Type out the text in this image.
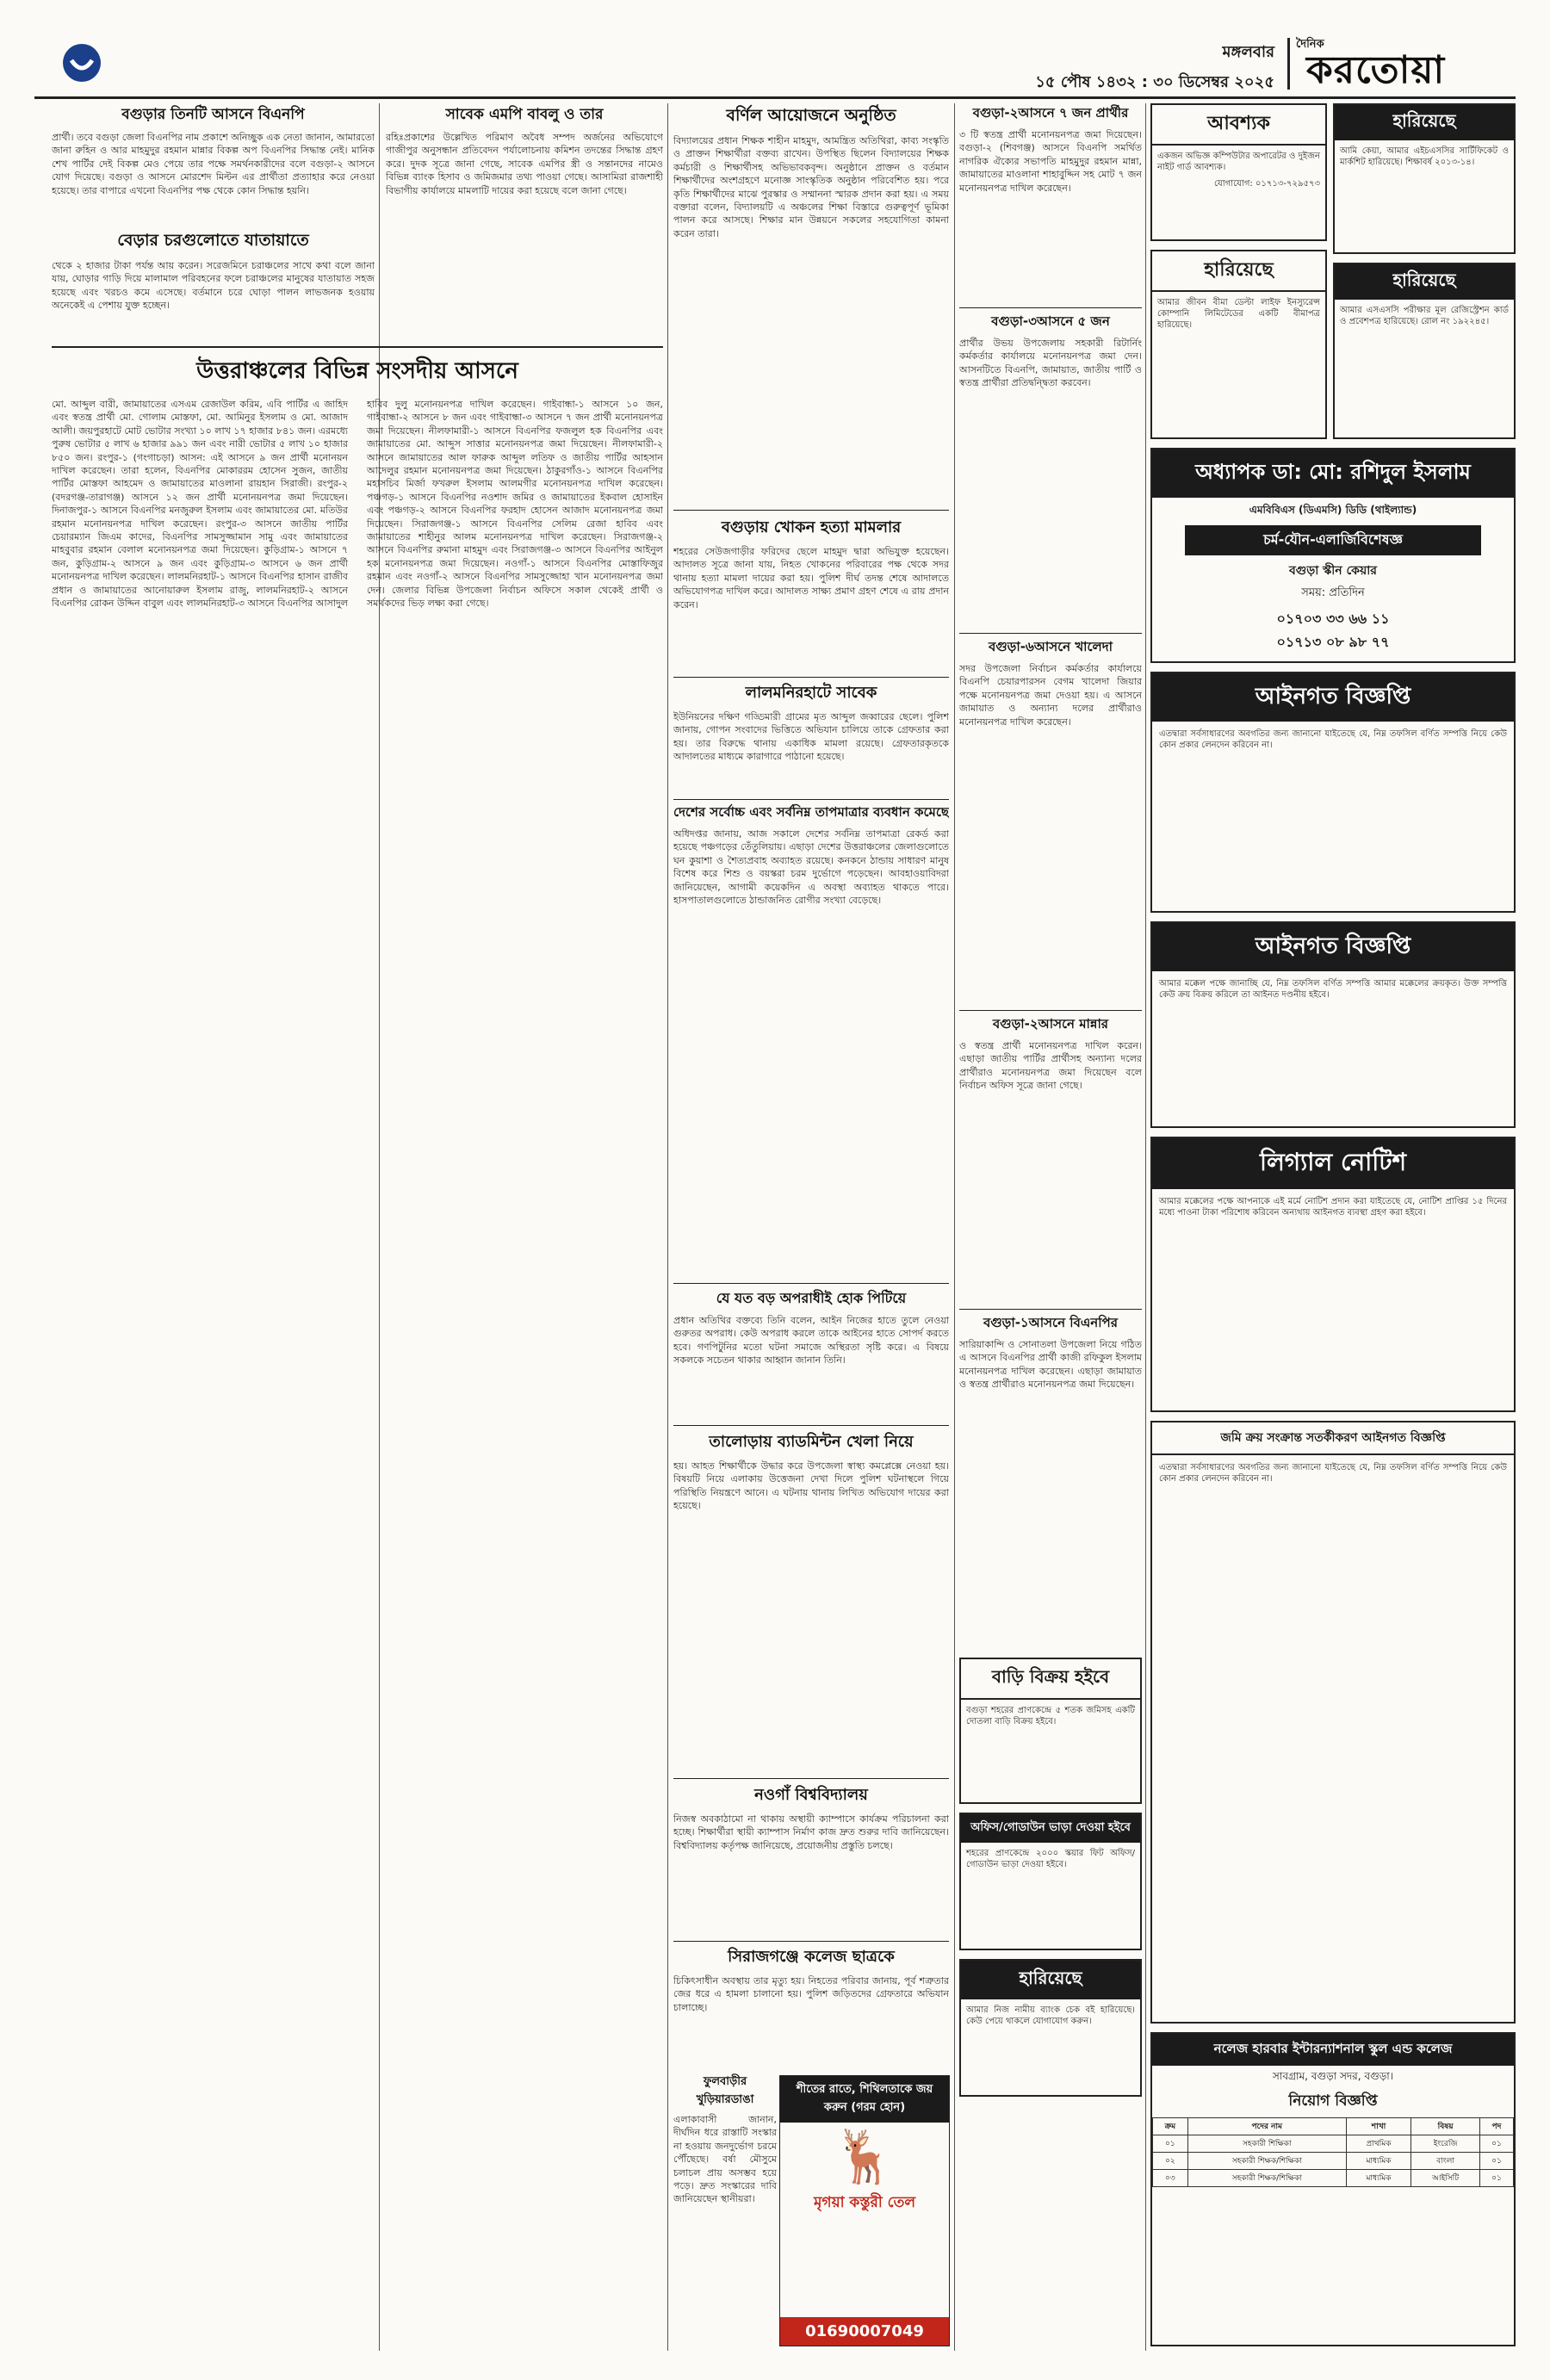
মঙ্গলবার
১৫ পৌষ ১৪৩২ : ৩০ ডিসেম্বর ২০২৫
দৈনিক
করতোয়া
বগুড়ার তিনটি আসনে বিএনপি
প্রার্থী। তবে বগুড়া জেলা বিএনপির নাম প্রকাশে অনিচ্ছুক এক নেতা জানান, আমারতো জানা রুহিন ও আর মাহমুদুর রহমান মান্নার বিকল্প অপ বিএনপির সিদ্ধান্ত নেই। মানিক শেখ পার্টির দেই বিকল্প মেও পেয়ে তার পক্ষে সমর্থনকারীদের বলে বগুড়া-২ আসনে যোগ দিয়েছে। বগুড়া ও আসনে মোরশেদ মিল্টন এর প্রার্থীতা প্রত্যাহার করে নেওয়া হয়েছে। তার বাপারে এখনো বিএনপির পক্ষ থেকে কোন সিদ্ধান্ত হয়নি।
বেড়ার চরগুলোতে যাতায়াতে
থেকে ২ হাজার টাকা পর্যন্ত আয় করেন। সরেজমিনে চরাঞ্চলের সাথে কথা বলে জানা যায়, ঘোড়ার গাড়ি দিয়ে মালামাল পরিবহনের ফলে চরাঞ্চলের মানুষের যাতায়াত সহজ হয়েছে এবং খরচও কমে এসেছে। বর্তমানে চরে ঘোড়া পালন লাভজনক হওয়ায় অনেকেই এ পেশায় যুক্ত হচ্ছেন।
উত্তরাঞ্চলের বিভিন্ন সংসদীয় আসনে
মো. আব্দুল বারী, জামায়াতের এসএম রেজাউল করিম, এবি পার্টির এ জাহিদ এবং স্বতন্ত্র প্রার্থী মো. গোলাম মোস্তফা, মো. আমিনুর ইসলাম ও মো. আজাদ আলী। জয়পুরহাটে মোট ভোটার সংখ্যা ১০ লাখ ১৭ হাজার ৮৪১ জন। এরমধ্যে পুরুষ ভোটার ৫ লাখ ৬ হাজার ৯৯১ জন এবং নারী ভোটার ৫ লাখ ১০ হাজার ৮৫০ জন। রংপুর-১ (গংগাচড়া) আসন: এই আসনে ৯ জন প্রার্থী মনোনয়ন দাখিল করেছেন। তারা হলেন, বিএনপির মোকাররম হোসেন সুজন, জাতীয় পার্টির মোস্তফা আহমেদ ও জামায়াতের মাওলানা রায়হান সিরাজী। রংপুর-২ (বদরগঞ্জ-তারাগঞ্জ) আসনে ১২ জন প্রার্থী মনোনয়নপত্র জমা দিয়েছেন। দিনাজপুর-১ আসনে বিএনপির মনজুরুল ইসলাম এবং জামায়াতের মো. মতিউর রহমান মনোনয়নপত্র দাখিল করেছেন। রংপুর-৩ আসনে জাতীয় পার্টির চেয়ারম্যান জিএম কাদের, বিএনপির সামসুজ্জামান সামু এবং জামায়াতের মাহবুবার রহমান বেলাল মনোনয়নপত্র জমা দিয়েছেন। কুড়িগ্রাম-১ আসনে ৭ জন, কুড়িগ্রাম-২ আসনে ৯ জন এবং কুড়িগ্রাম-৩ আসনে ৬ জন প্রার্থী মনোনয়নপত্র দাখিল করেছেন। লালমনিরহাট-১ আসনে বিএনপির হাসান রাজীব প্রধান ও জামায়াতের আনোয়ারুল ইসলাম রাজু, লালমনিরহাট-২ আসনে বিএনপির রোকন উদ্দিন বাবুল এবং লালমনিরহাট-৩ আসনে বিএনপির আসাদুল হাবিব দুলু মনোনয়নপত্র দাখিল করেছেন। গাইবান্ধা-১ আসনে ১০ জন, গাইবান্ধা-২ আসনে ৮ জন এবং গাইবান্ধা-৩ আসনে ৭ জন প্রার্থী মনোনয়নপত্র জমা দিয়েছেন। নীলফামারী-১ আসনে বিএনপির ফজলুল হক বিএনপির এবং জামায়াতের মো. আব্দুস সাত্তার মনোনয়নপত্র জমা দিয়েছেন। নীলফামারী-২ আসনে জামায়াতের আল ফারুক আব্দুল লতিফ ও জাতীয় পার্টির আহসান আদেলুর রহমান মনোনয়নপত্র জমা দিয়েছেন। ঠাকুরগাঁও-১ আসনে বিএনপির মহাসচিব মির্জা ফখরুল ইসলাম আলমগীর মনোনয়নপত্র দাখিল করেছেন। পঞ্চগড়-১ আসনে বিএনপির নওশাদ জমির ও জামায়াতের ইকবাল হোসাইন এবং পঞ্চগড়-২ আসনে বিএনপির ফরহাদ হোসেন আজাদ মনোনয়নপত্র জমা দিয়েছেন। সিরাজগঞ্জ-১ আসনে বিএনপির সেলিম রেজা হাবিব এবং জামায়াতের শাহীনুর আলম মনোনয়নপত্র দাখিল করেছেন। সিরাজগঞ্জ-২ আসনে বিএনপির রুমানা মাহমুদ এবং সিরাজগঞ্জ-৩ আসনে বিএনপির আইনুল হক মনোনয়নপত্র জমা দিয়েছেন। নওগাঁ-১ আসনে বিএনপির মোস্তাফিজুর রহমান এবং নওগাঁ-২ আসনে বিএনপির সামসুজ্জোহা খান মনোনয়নপত্র জমা দেন। জেলার বিভিন্ন উপজেলা নির্বাচন অফিসে সকাল থেকেই প্রার্থী ও সমর্থকদের ভিড় লক্ষ্য করা গেছে।
সাবেক এমপি বাবলু ও তার
রহিঃপ্রকাশের উল্লেখিত পরিমাণ অবৈধ সম্পদ অর্জনের অভিযোগে গাজীপুর অনুসন্ধান প্রতিবেদন পর্যালোচনায় কমিশন তদন্তের সিদ্ধান্ত গ্রহণ করে। দুদক সূত্রে জানা গেছে, সাবেক এমপির স্ত্রী ও সন্তানদের নামেও বিভিন্ন ব্যাংক হিসাব ও জমিজমার তথ্য পাওয়া গেছে। আসামিরা রাজশাহী বিভাগীয় কার্যালয়ে মামলাটি দায়ের করা হয়েছে বলে জানা গেছে।
বর্ণিল আয়োজনে অনুষ্ঠিত
বিদ্যালয়ের প্রধান শিক্ষক শাহীন মাহমুদ, আমন্ত্রিত অতিথিরা, কাব্য সংস্কৃতি ও প্রাক্তন শিক্ষার্থীরা বক্তব্য রাখেন। উপস্থিত ছিলেন বিদ্যালয়ের শিক্ষক কর্মচারী ও শিক্ষার্থীসহ অভিভাবকবৃন্দ। অনুষ্ঠানে প্রাক্তন ও বর্তমান শিক্ষার্থীদের অংশগ্রহণে মনোজ্ঞ সাংস্কৃতিক অনুষ্ঠান পরিবেশিত হয়। পরে কৃতি শিক্ষার্থীদের মাঝে পুরস্কার ও সম্মাননা স্মারক প্রদান করা হয়। এ সময় বক্তারা বলেন, বিদ্যালয়টি এ অঞ্চলের শিক্ষা বিস্তারে গুরুত্বপূর্ণ ভূমিকা পালন করে আসছে। শিক্ষার মান উন্নয়নে সকলের সহযোগিতা কামনা করেন তারা।
বগুড়ায় খোকন হত্যা মামলার
শহরের সেউজগাড়ীর ফরিদের ছেলে মাহমুদ দ্বারা অভিযুক্ত হয়েছেন। আদালত সূত্রে জানা যায়, নিহত খোকনের পরিবারের পক্ষ থেকে সদর থানায় হত্যা মামলা দায়ের করা হয়। পুলিশ দীর্ঘ তদন্ত শেষে আদালতে অভিযোগপত্র দাখিল করে। আদালত সাক্ষ্য প্রমাণ গ্রহণ শেষে এ রায় প্রদান করেন।
লালমনিরহাটে সাবেক
ইউনিয়নের দক্ষিণ গড্ডিমারী গ্রামের মৃত আব্দুল জব্বারের ছেলে। পুলিশ জানায়, গোপন সংবাদের ভিত্তিতে অভিযান চালিয়ে তাকে গ্রেফতার করা হয়। তার বিরুদ্ধে থানায় একাধিক মামলা রয়েছে। গ্রেফতারকৃতকে আদালতের মাধ্যমে কারাগারে পাঠানো হয়েছে।
দেশের সর্বোচ্চ এবং সর্বনিম্ন তাপমাত্রার ব্যবধান কমেছে
অধিদপ্তর জানায়, আজ সকালে দেশের সর্বনিম্ন তাপমাত্রা রেকর্ড করা হয়েছে পঞ্চগড়ের তেঁতুলিয়ায়। এছাড়া দেশের উত্তরাঞ্চলের জেলাগুলোতে ঘন কুয়াশা ও শৈত্যপ্রবাহ অব্যাহত রয়েছে। কনকনে ঠান্ডায় সাধারণ মানুষ বিশেষ করে শিশু ও বয়স্করা চরম দুর্ভোগে পড়েছেন। আবহাওয়াবিদরা জানিয়েছেন, আগামী কয়েকদিন এ অবস্থা অব্যাহত থাকতে পারে। হাসপাতালগুলোতে ঠান্ডাজনিত রোগীর সংখ্যা বেড়েছে।
যে যত বড় অপরাধীই হোক পিটিয়ে
প্রধান অতিথির বক্তব্যে তিনি বলেন, আইন নিজের হাতে তুলে নেওয়া গুরুতর অপরাধ। কেউ অপরাধ করলে তাকে আইনের হাতে সোপর্দ করতে হবে। গণপিটুনির মতো ঘটনা সমাজে অস্থিরতা সৃষ্টি করে। এ বিষয়ে সকলকে সচেতন থাকার আহ্বান জানান তিনি।
তালোড়ায় ব্যাডমিন্টন খেলা নিয়ে
হয়। আহত শিক্ষার্থীকে উদ্ধার করে উপজেলা স্বাস্থ্য কমপ্লেক্সে নেওয়া হয়। বিষয়টি নিয়ে এলাকায় উত্তেজনা দেখা দিলে পুলিশ ঘটনাস্থলে গিয়ে পরিস্থিতি নিয়ন্ত্রণে আনে। এ ঘটনায় থানায় লিখিত অভিযোগ দায়ের করা হয়েছে।
নওগাঁ বিশ্ববিদ্যালয়
নিজস্ব অবকাঠামো না থাকায় অস্থায়ী ক্যাম্পাসে কার্যক্রম পরিচালনা করা হচ্ছে। শিক্ষার্থীরা স্থায়ী ক্যাম্পাস নির্মাণ কাজ দ্রুত শুরুর দাবি জানিয়েছেন। বিশ্ববিদ্যালয় কর্তৃপক্ষ জানিয়েছে, প্রয়োজনীয় প্রস্তুতি চলছে।
সিরাজগঞ্জে কলেজ ছাত্রকে
চিকিৎসাধীন অবস্থায় তার মৃত্যু হয়। নিহতের পরিবার জানায়, পূর্ব শত্রুতার জের ধরে এ হামলা চালানো হয়। পুলিশ জড়িতদের গ্রেফতারে অভিযান চালাচ্ছে।
ফুলবাড়ীর খুড়িয়ারডাঙা
এলাকাবাসী জানান, দীর্ঘদিন ধরে রাস্তাটি সংস্কার না হওয়ায় জনদুর্ভোগ চরমে পৌঁছেছে। বর্ষা মৌসুমে চলাচল প্রায় অসম্ভব হয়ে পড়ে। দ্রুত সংস্কারের দাবি জানিয়েছেন স্থানীয়রা।
শীতের রাতে, শিথিলতাকে জয় করুন (গরম হোন)
🦌
মৃগয়া কস্তুরী তেল
01690007049
বগুড়া-২আসনে ৭ জন প্রার্থীর
৩ টি স্বতন্ত্র প্রার্থী মনোনয়নপত্র জমা দিয়েছেন। বগুড়া-২ (শিবগঞ্জ) আসনে বিএনপি সমর্থিত নাগরিক ঐক্যের সভাপতি মাহমুদুর রহমান মান্না, জামায়াতের মাওলানা শাহাবুদ্দিন সহ মোট ৭ জন মনোনয়নপত্র দাখিল করেছেন।
বগুড়া-৩আসনে ৫ জন
প্রার্থীর উভয় উপজেলায় সহকারী রিটার্নিং কর্মকর্তার কার্যালয়ে মনোনয়নপত্র জমা দেন। আসনটিতে বিএনপি, জামায়াত, জাতীয় পার্টি ও স্বতন্ত্র প্রার্থীরা প্রতিদ্বন্দ্বিতা করবেন।
বগুড়া-৬আসনে খালেদা
সদর উপজেলা নির্বাচন কর্মকর্তার কার্যালয়ে বিএনপি চেয়ারপারসন বেগম খালেদা জিয়ার পক্ষে মনোনয়নপত্র জমা দেওয়া হয়। এ আসনে জামায়াত ও অন্যান্য দলের প্রার্থীরাও মনোনয়নপত্র দাখিল করেছেন।
বগুড়া-২আসনে মান্নার
ও স্বতন্ত্র প্রার্থী মনোনয়নপত্র দাখিল করেন। এছাড়া জাতীয় পার্টির প্রার্থীসহ অন্যান্য দলের প্রার্থীরাও মনোনয়নপত্র জমা দিয়েছেন বলে নির্বাচন অফিস সূত্রে জানা গেছে।
বগুড়া-১আসনে বিএনপির
সারিয়াকান্দি ও সোনাতলা উপজেলা নিয়ে গঠিত এ আসনে বিএনপির প্রার্থী কাজী রফিকুল ইসলাম মনোনয়নপত্র দাখিল করেছেন। এছাড়া জামায়াত ও স্বতন্ত্র প্রার্থীরাও মনোনয়নপত্র জমা দিয়েছেন।
বাড়ি বিক্রয় হইবে
বগুড়া শহরের প্রাণকেন্দ্রে ৫ শতক জমিসহ একটি দোতলা বাড়ি বিক্রয় হইবে।
অফিস/গোডাউন ভাড়া দেওয়া হইবে
শহরের প্রাণকেন্দ্রে ২০০০ স্কয়ার ফিট অফিস/গোডাউন ভাড়া দেওয়া হইবে।
হারিয়েছে
আমার নিজ নামীয় ব্যাংক চেক বই হারিয়েছে। কেউ পেয়ে থাকলে যোগাযোগ করুন।
আবশ্যক
একজন অভিজ্ঞ কম্পিউটার অপারেটর ও দুইজন নাইট গার্ড আবশ্যক।
যোগাযোগ: ০১৭১৩-৭২৯৫৭৩
হারিয়েছে
আমি কেয়া, আমার এইচএসসির সার্টিফিকেট ও মার্কশিট হারিয়েছে। শিক্ষাবর্ষ ২০১৩-১৪।
হারিয়েছে
আমার জীবন বীমা ডেল্টা লাইফ ইনস্যুরেন্স কোম্পানি লিমিটেডের একটি বীমাপত্র হারিয়েছে।
হারিয়েছে
আমার এসএসসি পরীক্ষার মূল রেজিস্ট্রেশন কার্ড ও প্রবেশপত্র হারিয়েছে। রোল নং ১৯২২৪৫।
অধ্যাপক ডা: মো: রশিদুল ইসলাম
এমবিবিএস (ডিএমসি) ডিডি (থাইল্যান্ড)
চর্ম-যৌন-এলার্জিবিশেষজ্ঞ
বগুড়া স্কীন কেয়ার
সময়: প্রতিদিন
০১৭০৩ ৩৩ ৬৬ ১১
০১৭১৩ ০৮ ৯৮ ৭৭
আইনগত বিজ্ঞপ্তি
এতদ্বারা সর্বসাধারণের অবগতির জন্য জানানো যাইতেছে যে, নিম্ন তফসিল বর্ণিত সম্পত্তি নিয়ে কেউ কোন প্রকার লেনদেন করিবেন না।
আইনগত বিজ্ঞপ্তি
আমার মক্কেল পক্ষে জানাচ্ছি যে, নিম্ন তফসিল বর্ণিত সম্পত্তি আমার মক্কেলের ক্রয়কৃত। উক্ত সম্পত্তি কেউ ক্রয় বিক্রয় করিলে তা আইনত দণ্ডনীয় হইবে।
লিগ্যাল নোটিশ
আমার মক্কেলের পক্ষে আপনাকে এই মর্মে নোটিশ প্রদান করা যাইতেছে যে, নোটিশ প্রাপ্তির ১৫ দিনের মধ্যে পাওনা টাকা পরিশোধ করিবেন অন্যথায় আইনগত ব্যবস্থা গ্রহণ করা হইবে।
জমি ক্রয় সংক্রান্ত সতর্কীকরণ আইনগত বিজ্ঞপ্তি
এতদ্বারা সর্বসাধারণের অবগতির জন্য জানানো যাইতেছে যে, নিম্ন তফসিল বর্ণিত সম্পত্তি নিয়ে কেউ কোন প্রকার লেনদেন করিবেন না।
নলেজ হারবার ইন্টারন্যাশনাল স্কুল এন্ড কলেজ
সাবগ্রাম, বগুড়া সদর, বগুড়া।
নিয়োগ বিজ্ঞপ্তি
ক্রম	পদের নাম	শাখা	বিষয়	পদ
০১	সহকারী শিক্ষিকা	প্রাথমিক	ইংরেজি	০১
০২	সহকারী শিক্ষক/শিক্ষিকা	মাধ্যমিক	বাংলা	০১
০৩	সহকারী শিক্ষক/শিক্ষিকা	মাধ্যমিক	আইসিটি	০১
